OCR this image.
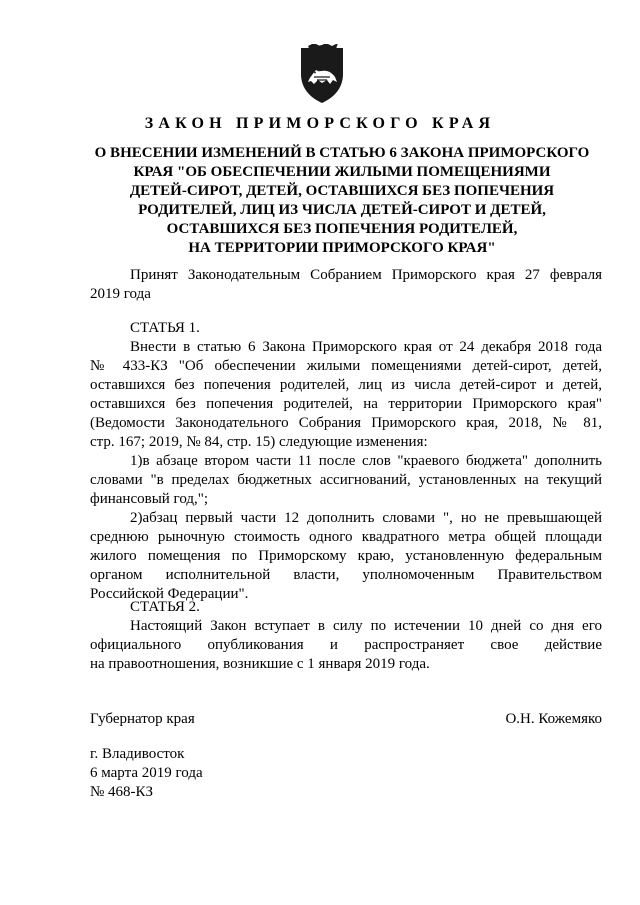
ЗАКОН ПРИМОРСКОГО КРАЯ
О ВНЕСЕНИИ ИЗМЕНЕНИЙ В СТАТЬЮ 6 ЗАКОНА ПРИМОРСКОГО
КРАЯ "ОБ ОБЕСПЕЧЕНИИ ЖИЛЫМИ ПОМЕЩЕНИЯМИ
ДЕТЕЙ-СИРОТ, ДЕТЕЙ, ОСТАВШИХСЯ БЕЗ ПОПЕЧЕНИЯ
РОДИТЕЛЕЙ, ЛИЦ ИЗ ЧИСЛА ДЕТЕЙ-СИРОТ И ДЕТЕЙ,
ОСТАВШИХСЯ БЕЗ ПОПЕЧЕНИЯ РОДИТЕЛЕЙ,
НА ТЕРРИТОРИИ ПРИМОРСКОГО КРАЯ"
Принят Законодательным Собранием Приморского края 27 февраля
2019 года
СТАТЬЯ 1.
Внести в статью 6 Закона Приморского края от 24 декабря 2018 года
№ 433-КЗ "Об обеспечении жилыми помещениями детей-сирот, детей,
оставшихся без попечения родителей, лиц из числа детей-сирот и детей,
оставшихся без попечения родителей, на территории Приморского края"
(Ведомости Законодательного Собрания Приморского края, 2018, № 81,
стр. 167; 2019, № 84, стр. 15) следующие изменения:
1)в абзаце втором части 11 после слов "краевого бюджета" дополнить
словами "в пределах бюджетных ассигнований, установленных на текущий
финансовый год,";
2)абзац первый части 12 дополнить словами ", но не превышающей
среднюю рыночную стоимость одного квадратного метра общей площади
жилого помещения по Приморскому краю, установленную федеральным
органом исполнительной власти, уполномоченным Правительством
Российской Федерации".
СТАТЬЯ 2.
Настоящий Закон вступает в силу по истечении 10 дней со дня его
официального опубликования и распространяет свое действие
на правоотношения, возникшие с 1 января 2019 года.
Губернатор края	О.Н. Кожемяко
г. Владивосток
6 марта 2019 года
№ 468-КЗ
